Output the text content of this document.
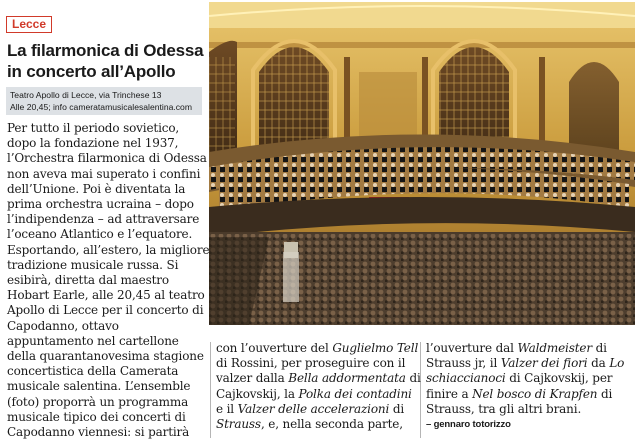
Lecce
La filarmonica di Odessa
in concerto all’Apollo
Teatro Apollo di Lecce, via Trinchese 13
Alle 20,45; info cameratamusicalesalentina.com
Per tutto il periodo sovietico,
dopo la fondazione nel 1937,
l’Orchestra filarmonica di Odessa
non aveva mai superato i confini
dell’Unione. Poi è diventata la
prima orchestra ucraina – dopo
l’indipendenza – ad attraversare
l’oceano Atlantico e l’equatore.
Esportando, all’estero, la migliore
tradizione musicale russa. Si
esibirà, diretta dal maestro
Hobart Earle, alle 20,45 al teatro
Apollo di Lecce per il concerto di
Capodanno, ottavo
appuntamento nel cartellone
della quarantanovesima stagione
concertistica della Camerata
musicale salentina. L’ensemble
(foto) proporrà un programma
musicale tipico dei concerti di
Capodanno viennesi: si partirà
con l’ouverture del Guglielmo Tell
di Rossini, per proseguire con il
valzer dalla Bella addormentata di
Cajkovskij, la Polka dei contadini
e il Valzer delle accelerazioni di
Strauss, e, nella seconda parte,
l’ouverture dal Waldmeister di
Strauss jr, il Valzer dei fiori da Lo
schiaccianoci di Cajkovskij, per
finire a Nel bosco di Krapfen di
Strauss, tra gli altri brani.
– gennaro totorizzo
